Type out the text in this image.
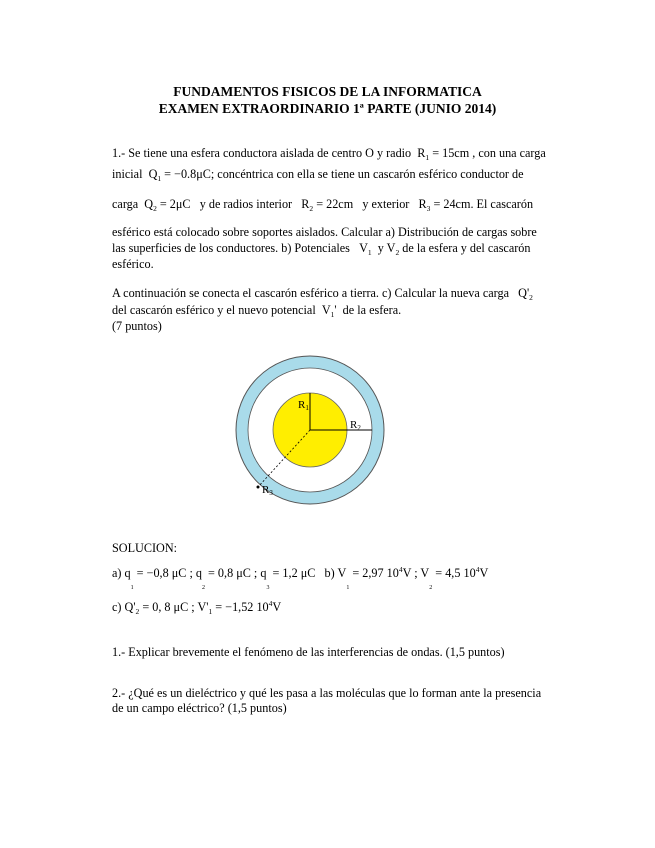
FUNDAMENTOS FISICOS DE LA INFORMATICA
EXAMEN EXTRAORDINARIO 1ª PARTE (JUNIO 2014)
1.- Se tiene una esfera conductora aislada de centro O y radio $R_1 = 15cm$ , con una carga
inicial $Q_1 = -0.8\mu C$; concéntrica con ella se tiene un cascarón esférico conductor de
carga $Q_2 = 2\mu C$ y de radios interior $R_2 = 22cm$ y exterior $R_3 = 24cm$. El cascarón
esférico está colocado sobre soportes aislados. Calcular a) Distribución de cargas sobre
las superficies de los conductores. b) Potenciales $V_1$ y $V_2$ de la esfera y del cascarón
esférico.
A continuación se conecta el cascarón esférico a tierra. c) Calcular la nueva carga $Q'_2$
del cascarón esférico y el nuevo potencial $V_1'$ de la esfera.
(7 puntos)
R1
R2
R3
SOLUCION:
a) $q_1 = -0,8$ μC ; $q_2 = 0,8$ μC ; $q_3 = 1,2$ μC b) $V_1 = 2,97$ $10^4V$ ; $V_2 = 4,5$ $10^4V$
c) $Q'_2 = 0$, 8 μC ; $V'_1 = -1,52$ $10^4V$
1.- Explicar brevemente el fenómeno de las interferencias de ondas. (1,5 puntos)
2.- ¿Qué es un dieléctrico y qué les pasa a las moléculas que lo forman ante la presencia
de un campo eléctrico? (1,5 puntos)
